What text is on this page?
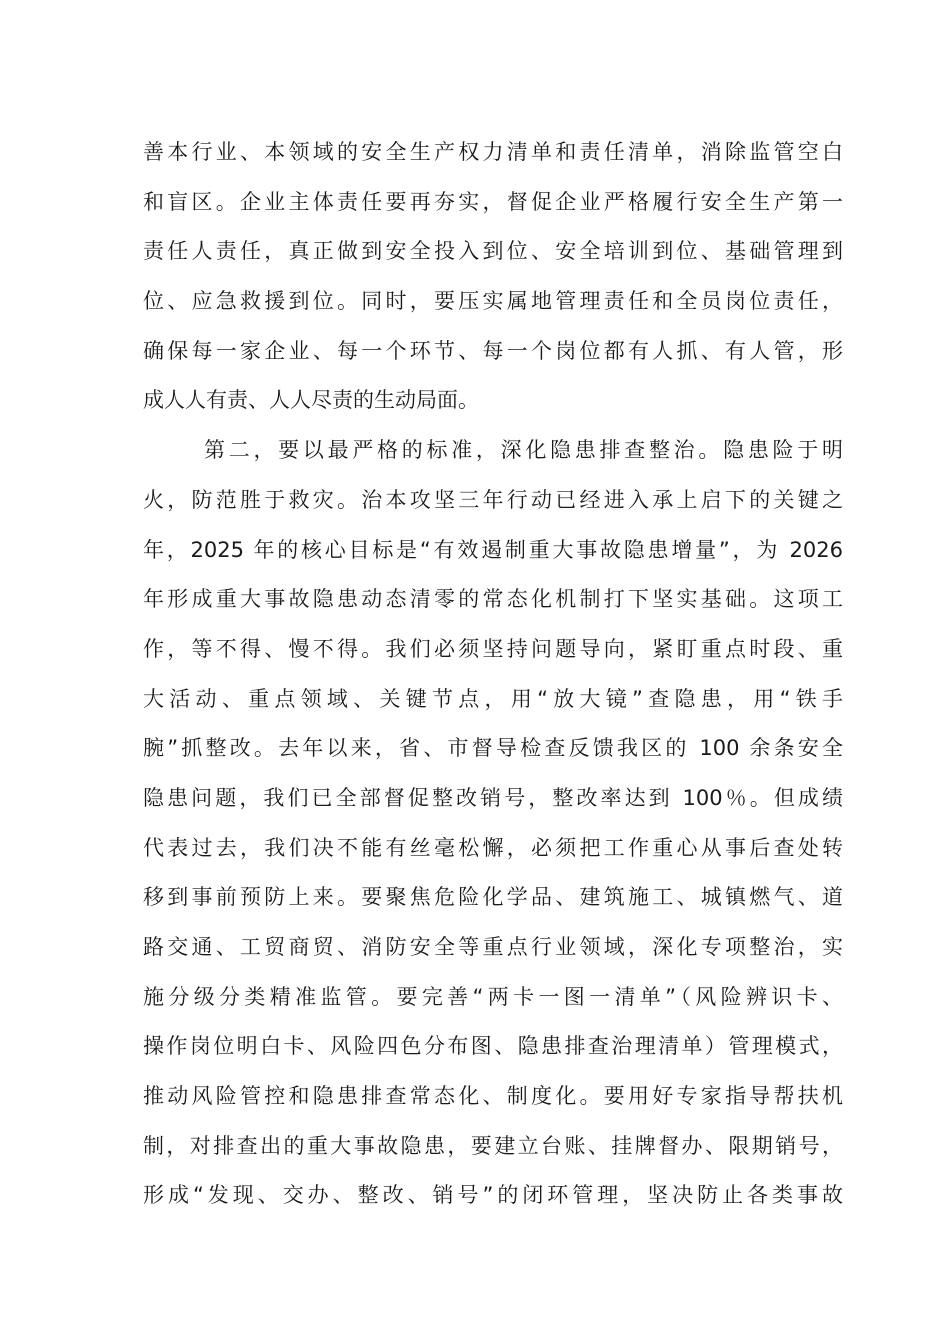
善本行业、本领域的安全生产权力清单和责任清单，消除监管空白
和盲区。企业主体责任要再夯实，督促企业严格履行安全生产第一
责任人责任，真正做到安全投入到位、安全培训到位、基础管理到
位、应急救援到位。同时，要压实属地管理责任和全员岗位责任，
确保每一家企业、每一个环节、每一个岗位都有人抓、有人管，形
成人人有责、人人尽责的生动局面。
第二，要以最严格的标准，深化隐患排查整治。隐患险于明
火，防范胜于救灾。治本攻坚三年行动已经进入承上启下的关键之
年，2025 年的核心目标是“有效遏制重大事故隐患增量”，为 2026
年形成重大事故隐患动态清零的常态化机制打下坚实基础。这项工
作，等不得、慢不得。我们必须坚持问题导向，紧盯重点时段、重
大活动、重点领域、关键节点，用“放大镜”查隐患，用“铁手
腕”抓整改。去年以来，省、市督导检查反馈我区的 100 余条安全
隐患问题，我们已全部督促整改销号，整改率达到 100％。但成绩
代表过去，我们决不能有丝毫松懈，必须把工作重心从事后查处转
移到事前预防上来。要聚焦危险化学品、建筑施工、城镇燃气、道
路交通、工贸商贸、消防安全等重点行业领域，深化专项整治，实
施分级分类精准监管。要完善“两卡一图一清单”（风险辨识卡、
操作岗位明白卡、风险四色分布图、隐患排查治理清单）管理模式，
推动风险管控和隐患排查常态化、制度化。要用好专家指导帮扶机
制，对排查出的重大事故隐患，要建立台账、挂牌督办、限期销号，
形成“发现、交办、整改、销号”的闭环管理，坚决防止各类事故
